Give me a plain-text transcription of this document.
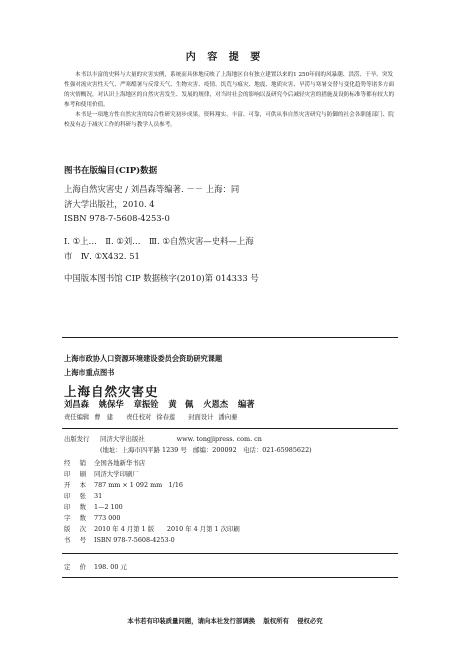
内 容 提 要
本书以丰富的史料与大量的灾害实例，系统而具体地反映了上海地区自有独立建置以来的1 250年间的风暴潮、洪涝、干旱、突发性强对流灾害性天气、严寒酷暑与反常天气、生物灾害、疫情、饥荒与瘟灾、地震、地质灾害、旱涝与寒暑交替与变化趋势等诸多方面的灾情概况，对认识上海地区的自然灾害发生、发展的规律，对当时社会的影响以及研究今后减轻灾害的措施及设防标准等都有较大的参考和使用价值。
本书是一项地方性自然灾害的综合性研究初步成果，资料翔实、丰富、可靠，可供从事自然灾害研究与防御的社会各职能部门、院校及有志于减灾工作的科研与教学人员参考。
图书在版编目(CIP)数据
上海自然灾害史 / 刘昌森等编著. －－ 上海：同
济大学出版社，2010. 4
ISBN 978-7-5608-4253-0
Ⅰ. ①上…　Ⅱ. ①刘…　Ⅲ. ①自然灾害—史料—上海
市　Ⅳ. ①X432. 51
中国版本图书馆 CIP 数据核字(2010)第 014333 号
上海市政协人口资源环境建设委员会资助研究课题
上海市重点图书
上海自然灾害史
刘昌森 姚保华 章振铨 黄　佩 火恩杰 编著
责任编辑 曹　建 责任校对 徐春莲 封面设计 潘向蓁
出版发行 同济大学出版社　　　　　www. tongjipress. com. cn
(地址：上海市四平路 1239 号　邮编：200092　电话：021-65985622)
经销 全国各地新华书店
印刷 同济大学印刷厂
开本 787 mm × 1 092 mm　1/16
印张 31
印数 1—2 100
字数 773 000
版次 2010 年 4 月第 1 版　　2010 年 4 月第 1 次印刷
书号 ISBN 978-7-5608-4253-0
定价 198. 00 元
本书若有印装质量问题，请向本社发行部调换 版权所有 侵权必究
